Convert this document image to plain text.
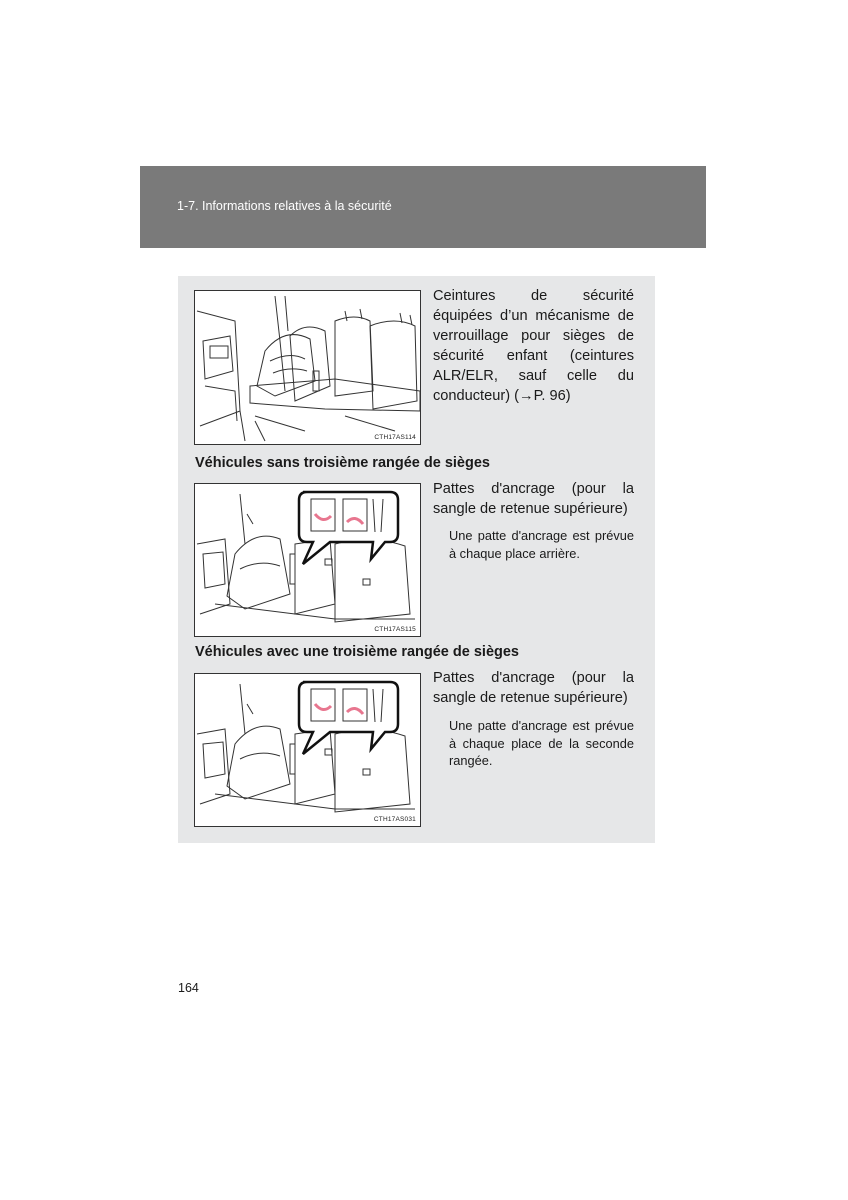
1-7. Informations relatives à la sécurité
CTH17AS114
Ceintures de sécurité équipées d’un mécanisme de verrouillage pour sièges de sécurité enfant (ceintures ALR/ELR, sauf celle du conducteur) (→P. 96)
Véhicules sans troisième rangée de sièges
CTH17AS115
Pattes d'ancrage (pour la sangle de retenue supérieure)
Une patte d'ancrage est prévue à chaque place arrière.
Véhicules avec une troisième rangée de sièges
CTH17AS031
Pattes d'ancrage (pour la sangle de retenue supérieure)
Une patte d'ancrage est prévue à chaque place de la seconde rangée.
164
